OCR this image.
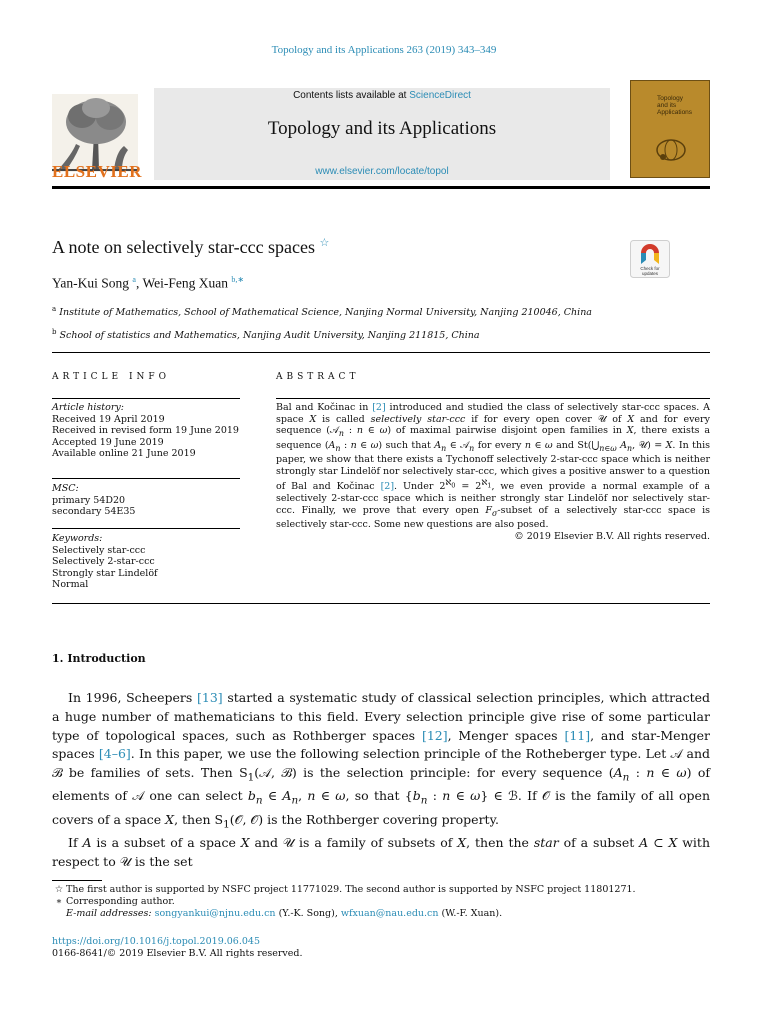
Topology and its Applications 263 (2019) 343–349
ELSEVIER
Contents lists available at ScienceDirect
Topology and its Applications
www.elsevier.com/locate/topol
Topology
and its
Applications
A note on selectively star-ccc spaces ☆
Check for
updates
Yan-Kui Song $^a$, Wei-Feng Xuan $^{b,∗}$
$^a$ Institute of Mathematics, School of Mathematical Science, Nanjing Normal University, Nanjing 210046, China
$^b$ School of statistics and Mathematics, Nanjing Audit University, Nanjing 211815, China
ARTICLE INFO	ABSTRACT
Article history:
Received 19 April 2019
Received in revised form 19 June 2019
Accepted 19 June 2019
Available online 21 June 2019
MSC:
primary 54D20
secondary 54E35
Keywords:
Selectively star-ccc
Selectively 2-star-ccc
Strongly star Lindelöf
Normal
Bal and Kočinac in [2] introduced and studied the class of selectively star-ccc spaces. A space X is called selectively star-ccc if for every open cover 𝒰 of X and for every sequence (𝒜$_n$ : n ∈ ω) of maximal pairwise disjoint open families in X, there exists a sequence ($A_n$ : n ∈ ω) such that $A_n$ ∈ 𝒜$_n$ for every n ∈ ω and $St(⋃_{n\in\omega}$ $A_n$, 𝒰) = X. In this paper, we show that there exists a Tychonoff selectively 2-star-ccc space which is neither strongly star Lindelöf nor selectively star-ccc, which gives a positive answer to a question of Bal and Kočinac [2]. Under $2^{ℵ_0} = 2^{ℵ_1}$, we even provide a normal example of a selectively 2-star-ccc space which is neither strongly star Lindelöf nor selectively star-ccc. Finally, we prove that every open $F_\sigma$-subset of a selectively star-ccc space is selectively star-ccc. Some new questions are also posed.
© 2019 Elsevier B.V. All rights reserved.
1. Introduction

In 1996, Scheepers [13] started a systematic study of classical selection principles, which attracted a huge number of mathematicians to this field. Every selection principle give rise of some particular type of topological spaces, such as Rothberger spaces [12], Menger spaces [11], and star-Menger spaces [4–6]. In this paper, we use the following selection principle of the Rotheberger type. Let 𝒜 and ℬ be families of sets. Then $S_1(𝒜$, ℬ) is the selection principle: for every sequence ($A_n$ : n ∈ ω) of elements of 𝒜 one can select $b_n$ ∈ $A_n$, n ∈ ω, so that {$b_n$ : n ∈ ω} ∈ ℬ. If 𝒪 is the family of all open covers of a space X, then $S_1(𝒪$, 𝒪) is the Rothberger covering property.

If A is a subset of a space X and 𝒰 is a family of subsets of X, then the star of a subset A ⊂ X with respect to 𝒰 is the set

☆ The first author is supported by NSFC project 11771029. The second author is supported by NSFC project 11801271.
∗ Corresponding author.
E-mail addresses: songyankui@njnu.edu.cn (Y.-K. Song), wfxuan@nau.edu.cn (W.-F. Xuan).
https://doi.org/10.1016/j.topol.2019.06.045
0166-8641/© 2019 Elsevier B.V. All rights reserved.
